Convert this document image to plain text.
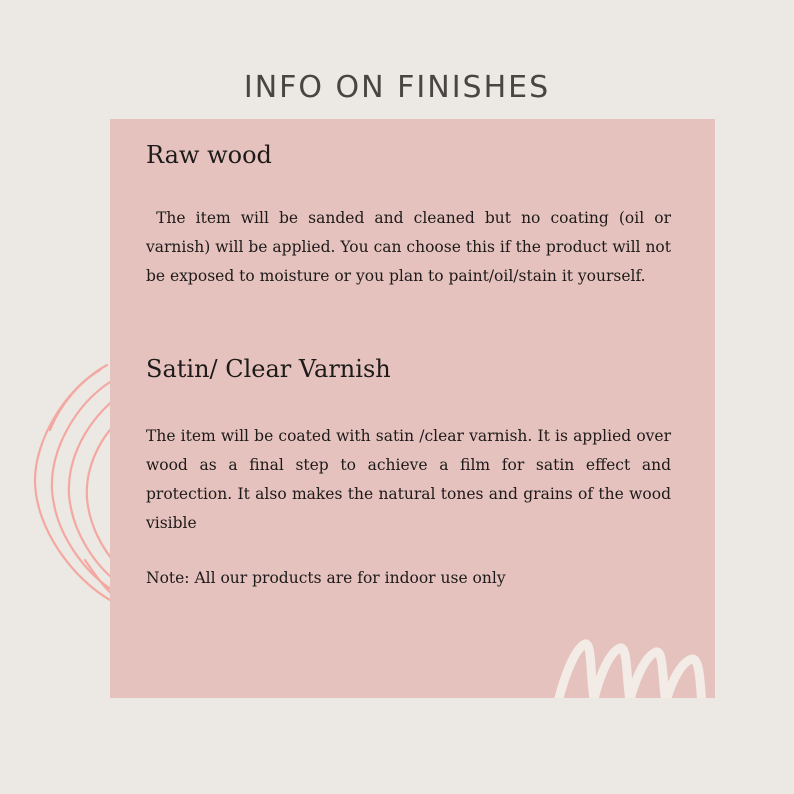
INFO ON FINISHES
Raw wood

The item will be sanded and cleaned but no coating (oil or varnish) will be applied. You can choose this if the product will not be exposed to moisture or you plan to paint/oil/stain it yourself.

Satin/ Clear Varnish

The item will be coated with satin /clear varnish. It is applied over wood as a final step to achieve a film for satin effect and protection. It also makes the natural tones and grains of the wood visible

Note: All our products are for indoor use only
